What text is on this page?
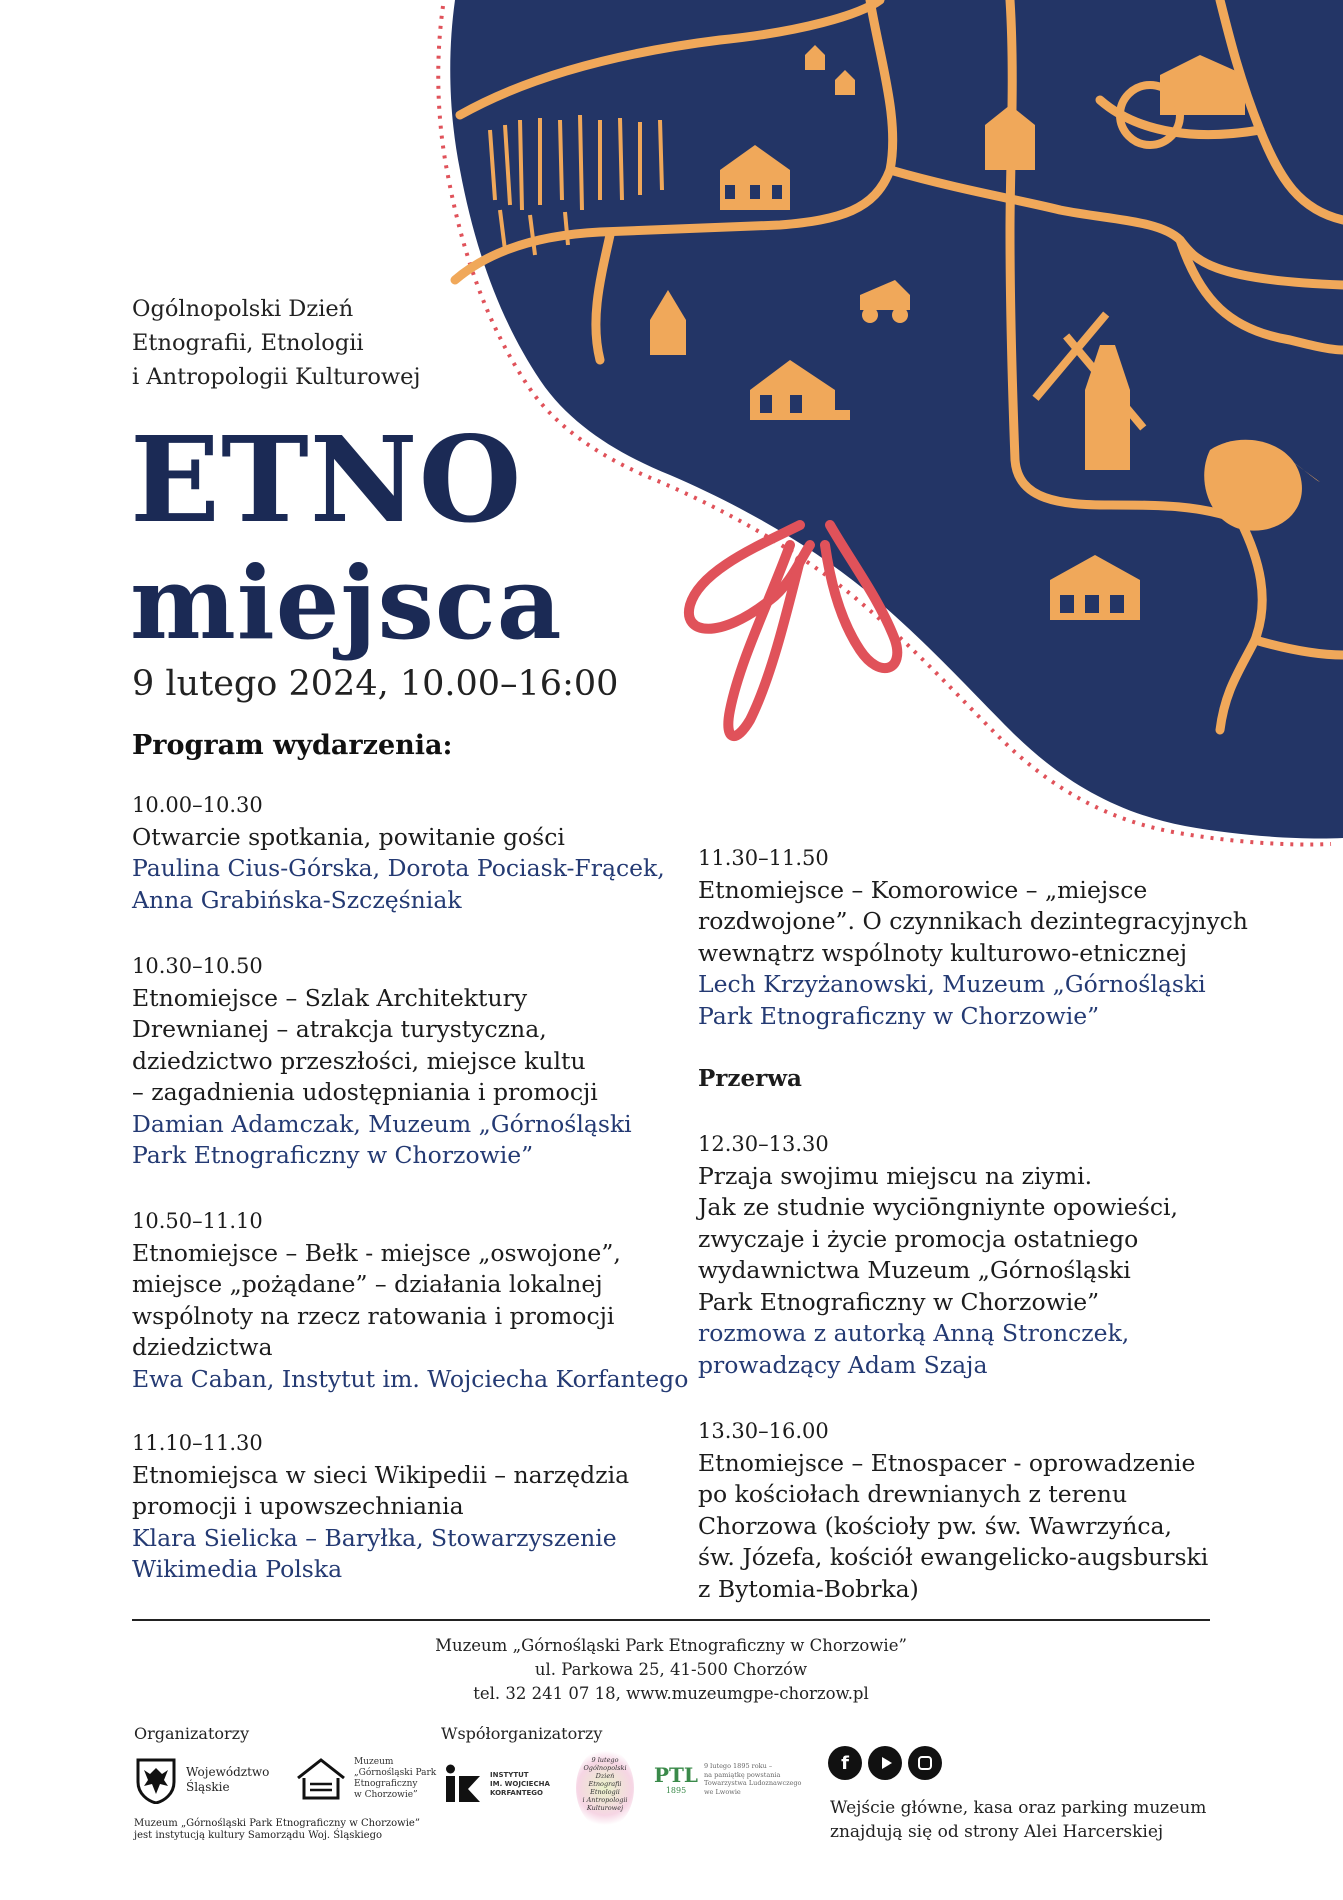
Ogólnopolski Dzień
Etnografii, Etnologii
i Antropologii Kulturowej
ETNO
miejsca
9 lutego 2024, 10.00–16:00
Program wydarzenia:
10.00–10.30
Otwarcie spotkania, powitanie gości
Paulina Cius-Górska, Dorota Pociask-Frącek,
Anna Grabińska-Szczęśniak
10.30–10.50
Etnomiejsce – Szlak Architektury
Drewnianej – atrakcja turystyczna,
dziedzictwo przeszłości, miejsce kultu
– zagadnienia udostępniania i promocji
Damian Adamczak, Muzeum „Górnośląski
Park Etnograficzny w Chorzowie”
10.50–11.10
Etnomiejsce – Bełk - miejsce „oswojone”,
miejsce „pożądane” – działania lokalnej
wspólnoty na rzecz ratowania i promocji
dziedzictwa
Ewa Caban, Instytut im. Wojciecha Korfantego
11.10–11.30
Etnomiejsca w sieci Wikipedii – narzędzia
promocji i upowszechniania
Klara Sielicka – Baryłka, Stowarzyszenie
Wikimedia Polska
11.30–11.50
Etnomiejsce – Komorowice – „miejsce
rozdwojone”. O czynnikach dezintegracyjnych
wewnątrz wspólnoty kulturowo-etnicznej
Lech Krzyżanowski, Muzeum „Górnośląski
Park Etnograficzny w Chorzowie”
Przerwa
12.30–13.30
Przaja swojimu miejscu na ziymi.
Jak ze studnie wyciōngniynte opowieści,
zwyczaje i życie promocja ostatniego
wydawnictwa Muzeum „Górnośląski
Park Etnograficzny w Chorzowie”
rozmowa z autorką Anną Stronczek,
prowadzący Adam Szaja
13.30–16.00
Etnomiejsce – Etnospacer - oprowadzenie
po kościołach drewnianych z terenu
Chorzowa (kościoły pw. św. Wawrzyńca,
św. Józefa, kościół ewangelicko-augsburski
z Bytomia-Bobrka)
Muzeum „Górnośląski Park Etnograficzny w Chorzowie”
ul. Parkowa 25, 41-500 Chorzów
tel. 32 241 07 18, www.muzeumgpe-chorzow.pl
Organizatorzy	Współorganizatorzy
Województwo
Śląskie
Muzeum
„Górnośląski Park
Etnograficzny
w Chorzowie”
Muzeum „Górnośląski Park Etnograficzny w Chorzowie”
jest instytucją kultury Samorządu Woj. Śląskiego
INSTYTUT
IM. WOJCIECHA
KORFANTEGO
9 lutego
Ogólnopolski
Dzień
Etnografii
Etnologii
i Antropologii
Kulturowej
PTL
1895
9 lutego 1895 roku –
na pamiątkę powstania
Towarzystwa Ludoznawczego
we Lwowie
f
Wejście główne, kasa oraz parking muzeum
znajdują się od strony Alei Harcerskiej
